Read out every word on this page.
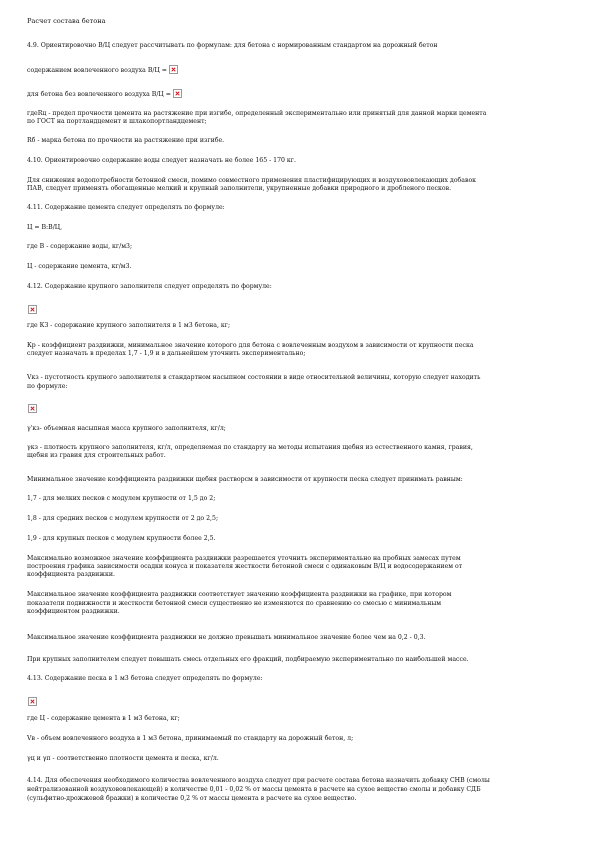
Расчет состава бетона
4.9. Ориентировочно В/Ц следует рассчитывать по формулам: для бетона с нормированным стандартом на дорожный бетон
содержанием вовлеченного воздуха В/Ц =
для бетона без вовлеченного воздуха В/Ц =
гдеRц - предел прочности цемента на растяжение при изгибе, определенный экспериментально или принятый для данной марки цемента
по ГОСТ на портландцемент и шлакопортландцемент;
Rб - марка бетона по прочности на растяжение при изгибе.
4.10. Ориентировочно содержание воды следует назначать не более 165 - 170 кг.
Для снижения водопотребности бетонной смеси, помимо совместного применения пластифицирующих и воздухововлекающих добавок
ПАВ, следует применять обогащенные мелкий и крупный заполнители, укрупненные добавки природного и дробленого песков.
4.11. Содержание цемента следует определять по формуле:
Ц = В:В/Ц,
где В - содержание воды, кг/м3;
Ц - содержание цемента, кг/м3.
4.12. Содержание крупного заполнителя следует определять по формуле:
где КЗ - содержание крупного заполнителя в 1 м3 бетона, кг;
Кр - коэффициент раздвижки, минимальное значение которого для бетона с вовлеченным воздухом в зависимости от крупности песка
следует назначать в пределах 1,7 - 1,9 и в дальнейшем уточнить экспериментально;
Vкз - пустотность крупного заполнителя в стандартном насыпном состоянии в виде относительной величины, которую следует находить
по формуле:
γ'кз- объемная насыпная масса крупного заполнителя, кг/л;
γкз - плотность крупного заполнителя, кг/л, определяемая по стандарту на методы испытания щебня из естественного камня, гравия,
щебня из гравия для строительных работ.
Минимальное значение коэффициента раздвижки щебня растворсм в зависимости от крупности песка следует принимать равным:
1,7 - для мелких песков с модулем крупности от 1,5 до 2;
1,8 - для средних песков с модулем крупности от 2 до 2,5;
1,9 - для крупных песков с модулем крупности более 2,5.
Максимально возможное значение коэффициента раздвижки разрешается уточнить экспериментально на пробных замесах путем
построения графика зависимости осадки конуса и показателя жесткости бетонной смеси с одинаковым В/Ц и водосодержанием от
коэффициента раздвижки.
Максимальное значение коэффициента раздвижки соответствует значению коэффициента раздвижки на графике, при котором
показатели подвижности и жесткости бетонной смеси существенно не изменяются по сравнению со смесью с минимальным
коэффициентом раздвижки.
Максимальное значение коэффициента раздвижки не должно превышать минимальное значение более чем на 0,2 - 0,3.
При крупных заполнителем следует повышать смесь отдельных его фракций, подбираемую экспериментально по наибольшей массе.
4.13. Содержание песка в 1 м3 бетона следует определять по формуле:
где Ц - содержание цемента в 1 м3 бетона, кг;
Vв - объем вовлеченного воздуха в 1 м3 бетона, принимаемый по стандарту на дорожный бетон, л;
γц и γп - соответственно плотности цемента и песка, кг/л.
4.14. Для обеспечения необходимого количества вовлеченного воздуха следует при расчете состава бетона назначить добавку СНВ (смолы
нейтрализованной воздухововлекающей) в количестве 0,01 - 0,02 % от массы цемента в расчете на сухое вещество смолы и добавку СДБ
(сульфитно-дрожжевой бражки) в количестве 0,2 % от массы цемента в расчете на сухое вещество.
